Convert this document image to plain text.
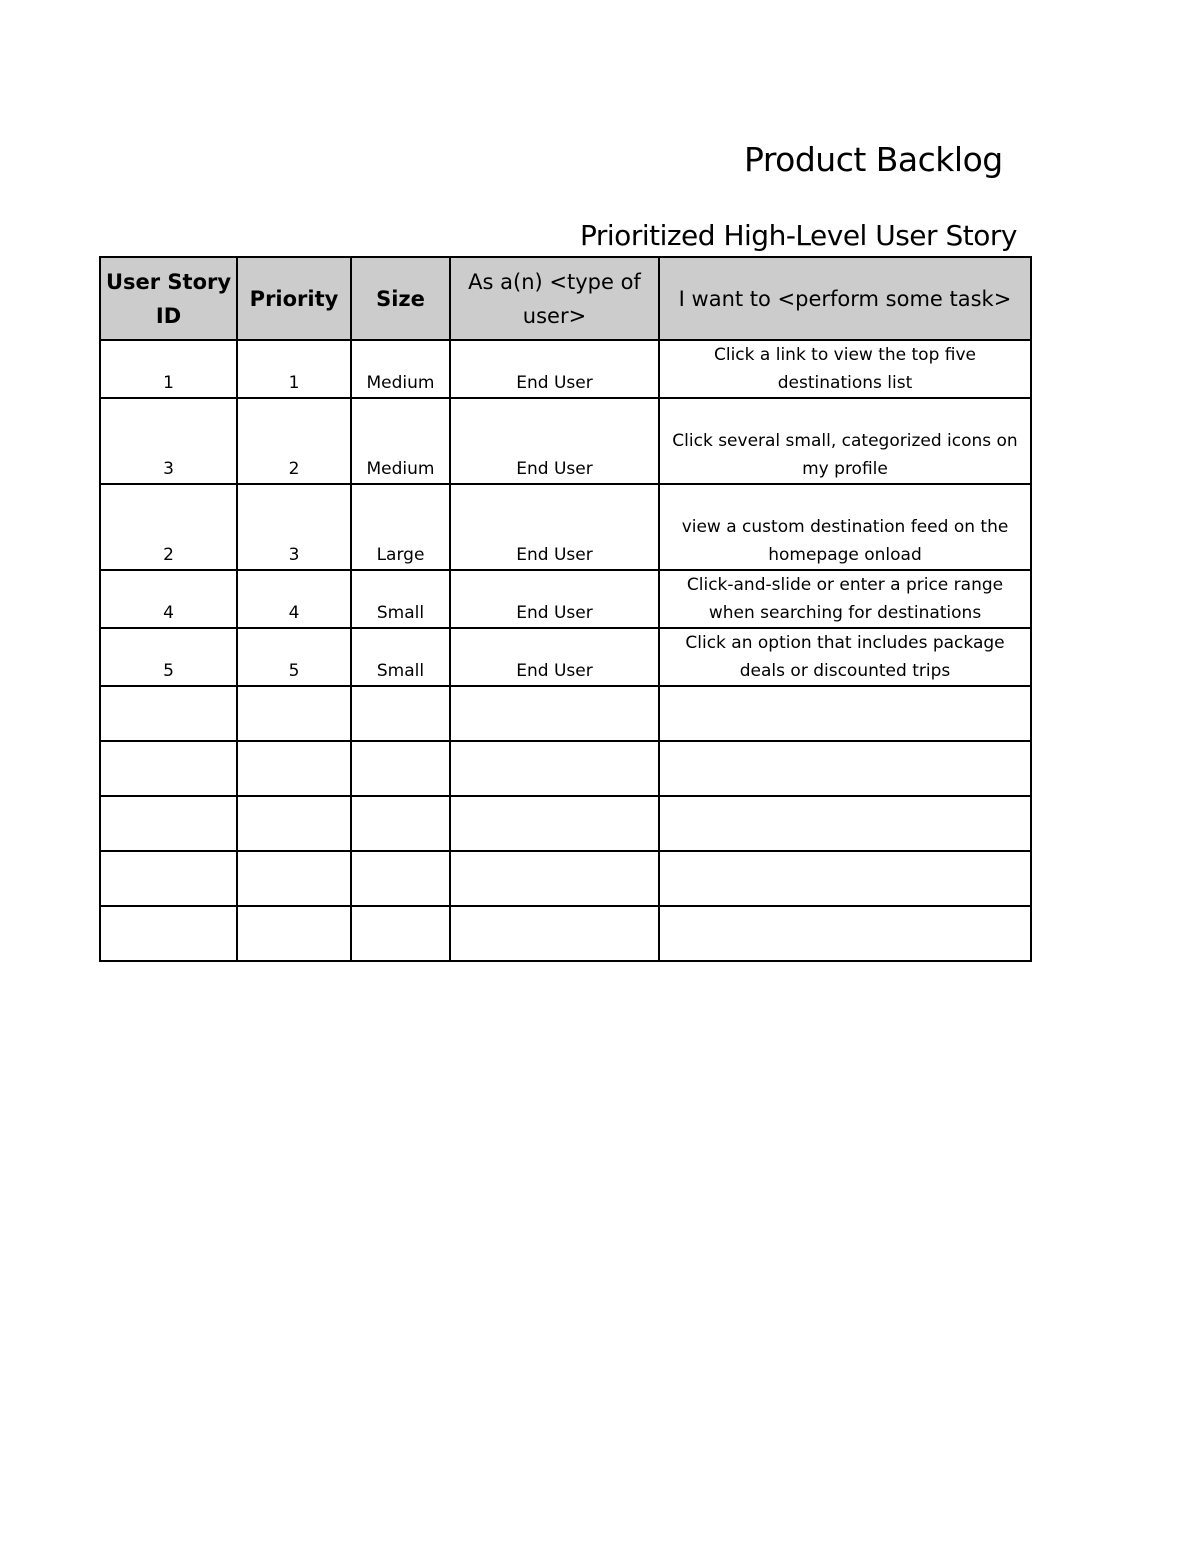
Product Backlog
Prioritized High-Level User Story
User Story ID	Priority	Size	As a(n) <type of user>	I want to <perform some task>
1	1	Medium	End User	Click a link to view the top five destinations list
3	2	Medium	End User	Click several small, categorized icons on my profile
2	3	Large	End User	view a custom destination feed on the homepage onload
4	4	Small	End User	Click-and-slide or enter a price range when searching for destinations
5	5	Small	End User	Click an option that includes package deals or discounted trips
